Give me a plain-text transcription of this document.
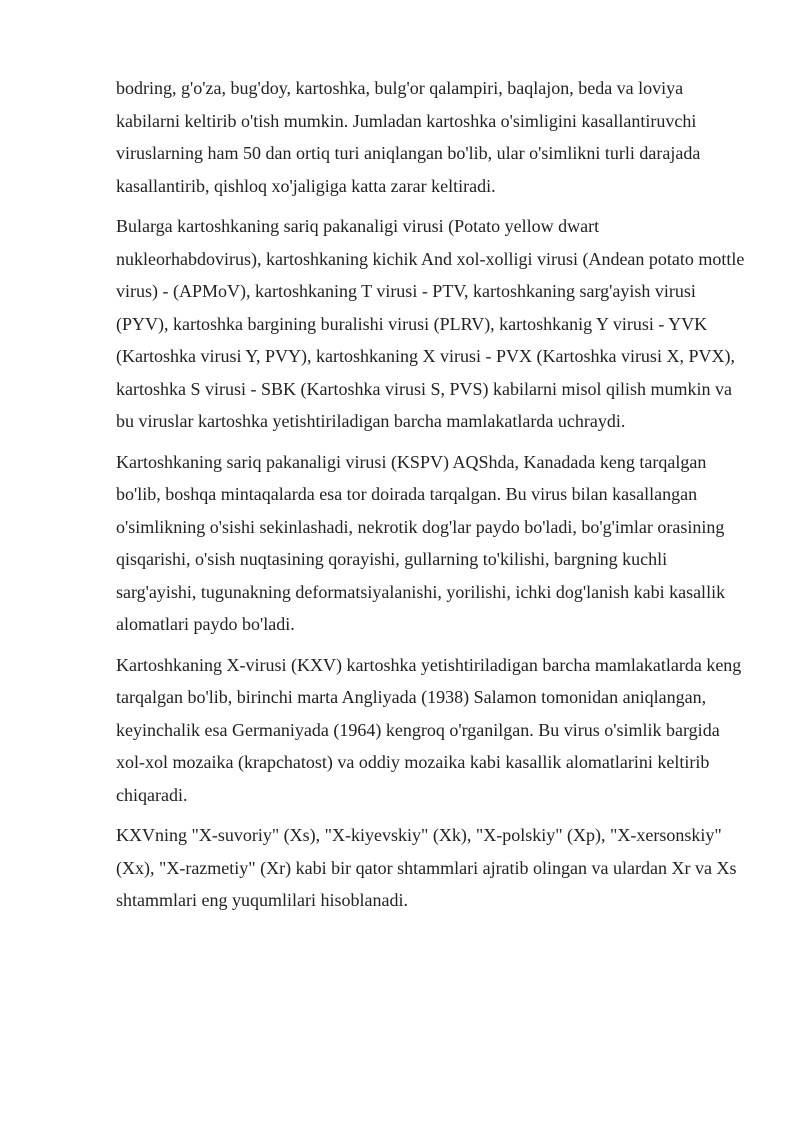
bodring, g'o'za, bug'doy, kartoshka, bulg'or qalampiri, baqlajon, beda va loviya kabilarni keltirib o'tish mumkin. Jumladan kartoshka o'simligini kasallantiruvchi viruslarning ham 50 dan ortiq turi aniqlangan bo'lib, ular o'simlikni turli darajada kasallantirib, qishloq xo'jaligiga katta zarar keltiradi.

Bularga kartoshkaning sariq pakanaligi virusi (Potato yellow dwart nukleorhabdovirus), kartoshkaning kichik And xol-xolligi virusi (Andean potato mottle virus) - (APMoV), kartoshkaning T virusi - PTV, kartoshkaning sarg'ayish virusi (PYV), kartoshka bargining buralishi virusi (PLRV), kartoshkanig Y virusi - YVK (Kartoshka virusi Y, PVY), kartoshkaning X virusi - PVX (Kartoshka virusi X, PVX), kartoshka S virusi - SBK (Kartoshka virusi S, PVS) kabilarni misol qilish mumkin va bu viruslar kartoshka yetishtiriladigan barcha mamlakatlarda uchraydi.

Kartoshkaning sariq pakanaligi virusi (KSPV) AQShda, Kanadada keng tarqalgan bo'lib, boshqa mintaqalarda esa tor doirada tarqalgan. Bu virus bilan kasallangan o'simlikning o'sishi sekinlashadi, nekrotik dog'lar paydo bo'ladi, bo'g'imlar orasining qisqarishi, o'sish nuqtasining qorayishi, gullarning to'kilishi, bargning kuchli sarg'ayishi, tugunakning deformatsiyalanishi, yorilishi, ichki dog'lanish kabi kasallik alomatlari paydo bo'ladi.

Kartoshkaning X-virusi (KXV) kartoshka yetishtiriladigan barcha mamlakatlarda keng tarqalgan bo'lib, birinchi marta Angliyada (1938) Salamon tomonidan aniqlangan, keyinchalik esa Germaniyada (1964) kengroq o'rganilgan. Bu virus o'simlik bargida xol-xol mozaika (krapchatost) va oddiy mozaika kabi kasallik alomatlarini keltirib chiqaradi.

KXVning "X-suvoriy" (Xs), "X-kiyevskiy" (Xk), "X-polskiy" (Xp), "X-xersonskiy" (Xx), "X-razmetiy" (Xr) kabi bir qator shtammlari ajratib olingan va ulardan Xr va Xs shtammlari eng yuqumlilari hisoblanadi.
